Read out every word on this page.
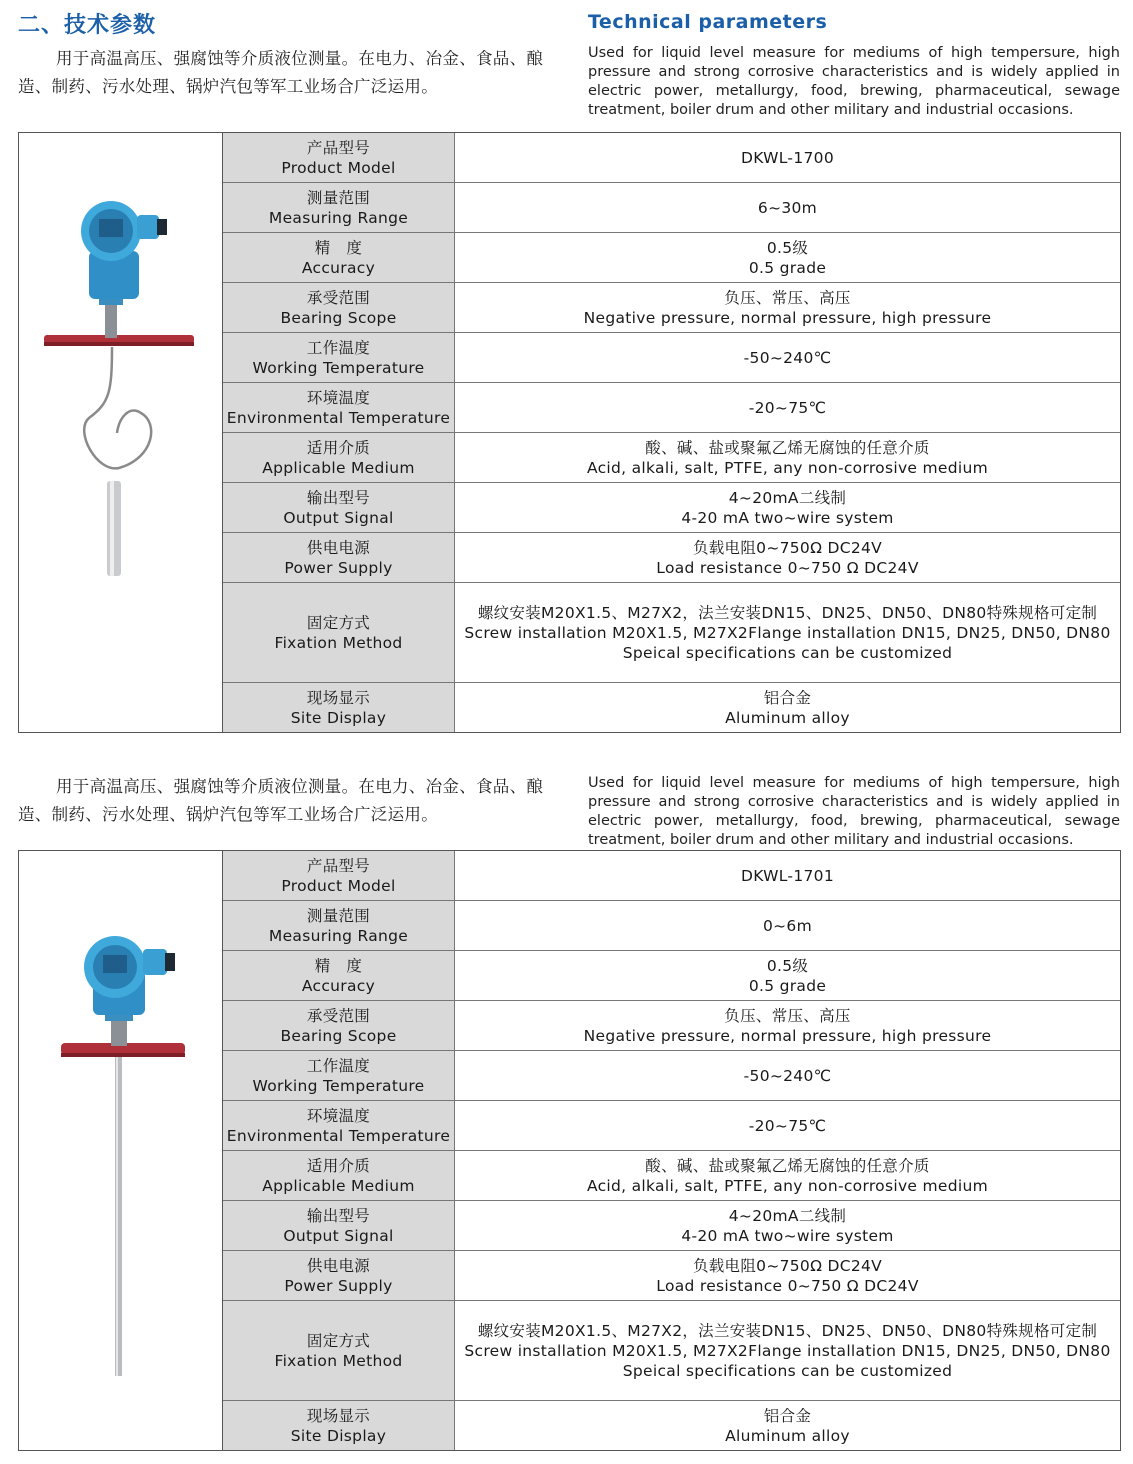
二、技术参数	Technical parameters
用于高温高压、强腐蚀等介质液位测量。在电力、冶金、食品、酿造、制药、污水处理、锅炉汽包等军工业场合广泛运用。
Used for liquid level measure for mediums of high tempersure, high pressure and strong corrosive characteristics and is widely applied in electric power, metallurgy, food, brewing, pharmaceutical, sewage treatment, boiler drum and other military and industrial occasions.
产品型号
Product Model
DKWL-1700
测量范围
Measuring Range
6~30m
精　度
Accuracy
0.5级
0.5 grade
承受范围
Bearing Scope
负压、常压、高压
Negative pressure, normal pressure, high pressure
工作温度
Working Temperature
-50~240℃
环境温度
Environmental Temperature
-20~75℃
适用介质
Applicable Medium
酸、碱、盐或聚氟乙烯无腐蚀的任意介质
Acid, alkali, salt, PTFE, any non-corrosive medium
输出型号
Output Signal
4~20mA二线制
4-20 mA two~wire system
供电电源
Power Supply
负载电阻0~750Ω DC24V
Load resistance 0~750 Ω DC24V
固定方式
Fixation Method
螺纹安装M20X1.5、M27X2，法兰安装DN15、DN25、DN50、DN80特殊规格可定制
Screw installation M20X1.5, M27X2Flange installation DN15, DN25, DN50, DN80
Speical specifications can be customized
现场显示
Site Display
铝合金
Aluminum alloy
用于高温高压、强腐蚀等介质液位测量。在电力、冶金、食品、酿造、制药、污水处理、锅炉汽包等军工业场合广泛运用。
Used for liquid level measure for mediums of high tempersure, high pressure and strong corrosive characteristics and is widely applied in electric power, metallurgy, food, brewing, pharmaceutical, sewage treatment, boiler drum and other military and industrial occasions.
产品型号
Product Model
DKWL-1701
测量范围
Measuring Range
0~6m
精　度
Accuracy
0.5级
0.5 grade
承受范围
Bearing Scope
负压、常压、高压
Negative pressure, normal pressure, high pressure
工作温度
Working Temperature
-50~240℃
环境温度
Environmental Temperature
-20~75℃
适用介质
Applicable Medium
酸、碱、盐或聚氟乙烯无腐蚀的任意介质
Acid, alkali, salt, PTFE, any non-corrosive medium
输出型号
Output Signal
4~20mA二线制
4-20 mA two~wire system
供电电源
Power Supply
负载电阻0~750Ω DC24V
Load resistance 0~750 Ω DC24V
固定方式
Fixation Method
螺纹安装M20X1.5、M27X2，法兰安装DN15、DN25、DN50、DN80特殊规格可定制
Screw installation M20X1.5, M27X2Flange installation DN15, DN25, DN50, DN80
Speical specifications can be customized
现场显示
Site Display
铝合金
Aluminum alloy
